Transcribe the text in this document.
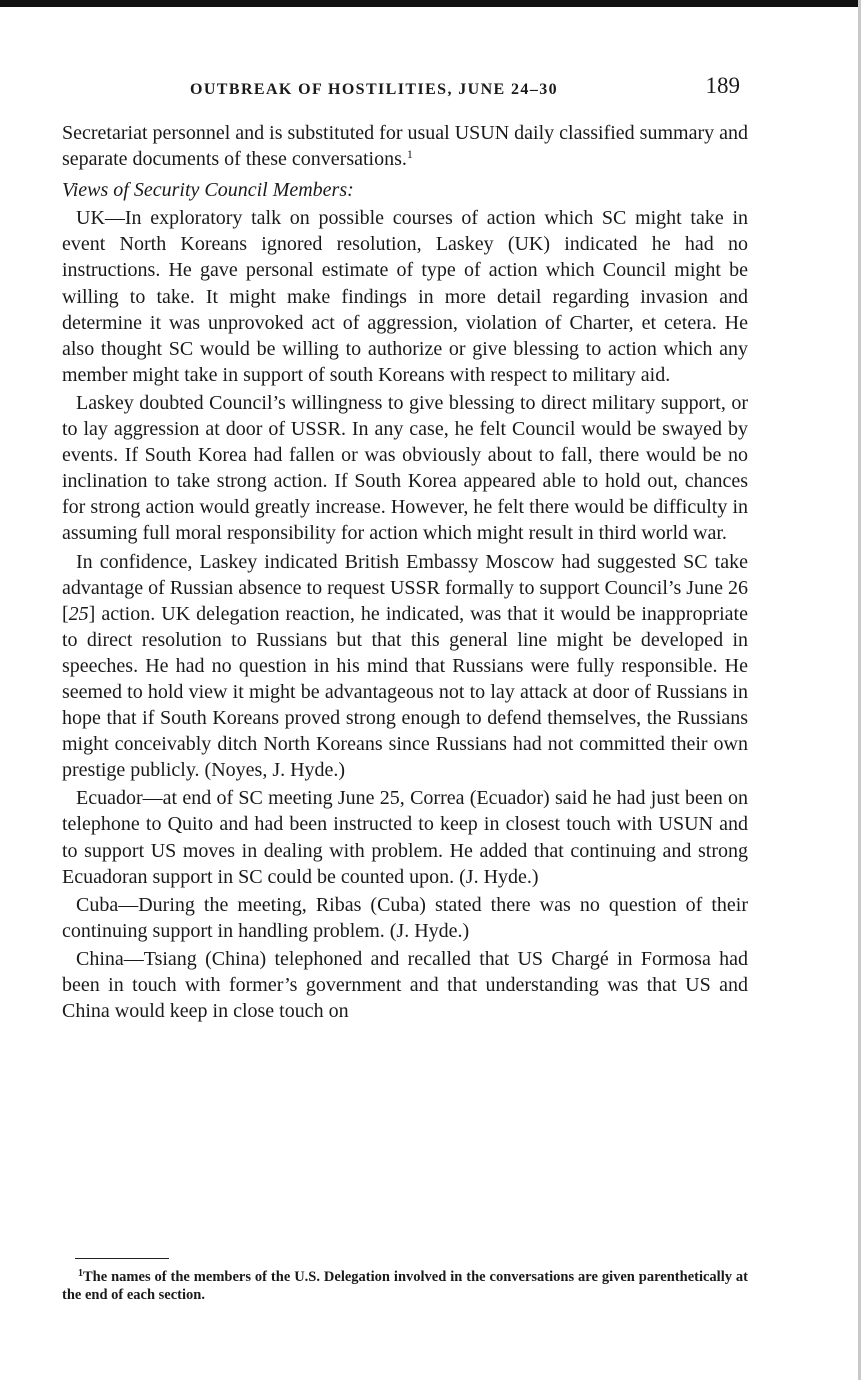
OUTBREAK OF HOSTILITIES, JUNE 24–30	189

Secretariat personnel and is substituted for usual USUN daily classified summary and separate documents of these conversations.$^1$

Views of Security Council Members:

UK—In exploratory talk on possible courses of action which SC might take in event North Koreans ignored resolution, Laskey (UK) indicated he had no instructions. He gave personal estimate of type of action which Council might be willing to take. It might make findings in more detail regarding invasion and determine it was unprovoked act of aggression, violation of Charter, et cetera. He also thought SC would be willing to authorize or give blessing to action which any member might take in support of south Koreans with respect to military aid.

Laskey doubted Council’s willingness to give blessing to direct military support, or to lay aggression at door of USSR. In any case, he felt Council would be swayed by events. If South Korea had fallen or was obviously about to fall, there would be no inclination to take strong action. If South Korea appeared able to hold out, chances for strong action would greatly increase. However, he felt there would be difficulty in assuming full moral responsibility for action which might result in third world war.

In confidence, Laskey indicated British Embassy Moscow had suggested SC take advantage of Russian absence to request USSR formally to support Council’s June 26 [25] action. UK delegation reaction, he indicated, was that it would be inappropriate to direct resolution to Russians but that this general line might be developed in speeches. He had no question in his mind that Russians were fully responsible. He seemed to hold view it might be advantageous not to lay attack at door of Russians in hope that if South Koreans proved strong enough to defend themselves, the Russians might conceivably ditch North Koreans since Russians had not committed their own prestige publicly. (Noyes, J. Hyde.)

Ecuador—at end of SC meeting June 25, Correa (Ecuador) said he had just been on telephone to Quito and had been instructed to keep in closest touch with USUN and to support US moves in dealing with problem. He added that continuing and strong Ecuadoran support in SC could be counted upon. (J. Hyde.)

Cuba—During the meeting, Ribas (Cuba) stated there was no question of their continuing support in handling problem. (J. Hyde.)

China—Tsiang (China) telephoned and recalled that US Chargé in Formosa had been in touch with former’s government and that understanding was that US and China would keep in close touch on

$^1$The names of the members of the U.S. Delegation involved in the conversations are given parenthetically at the end of each section.
